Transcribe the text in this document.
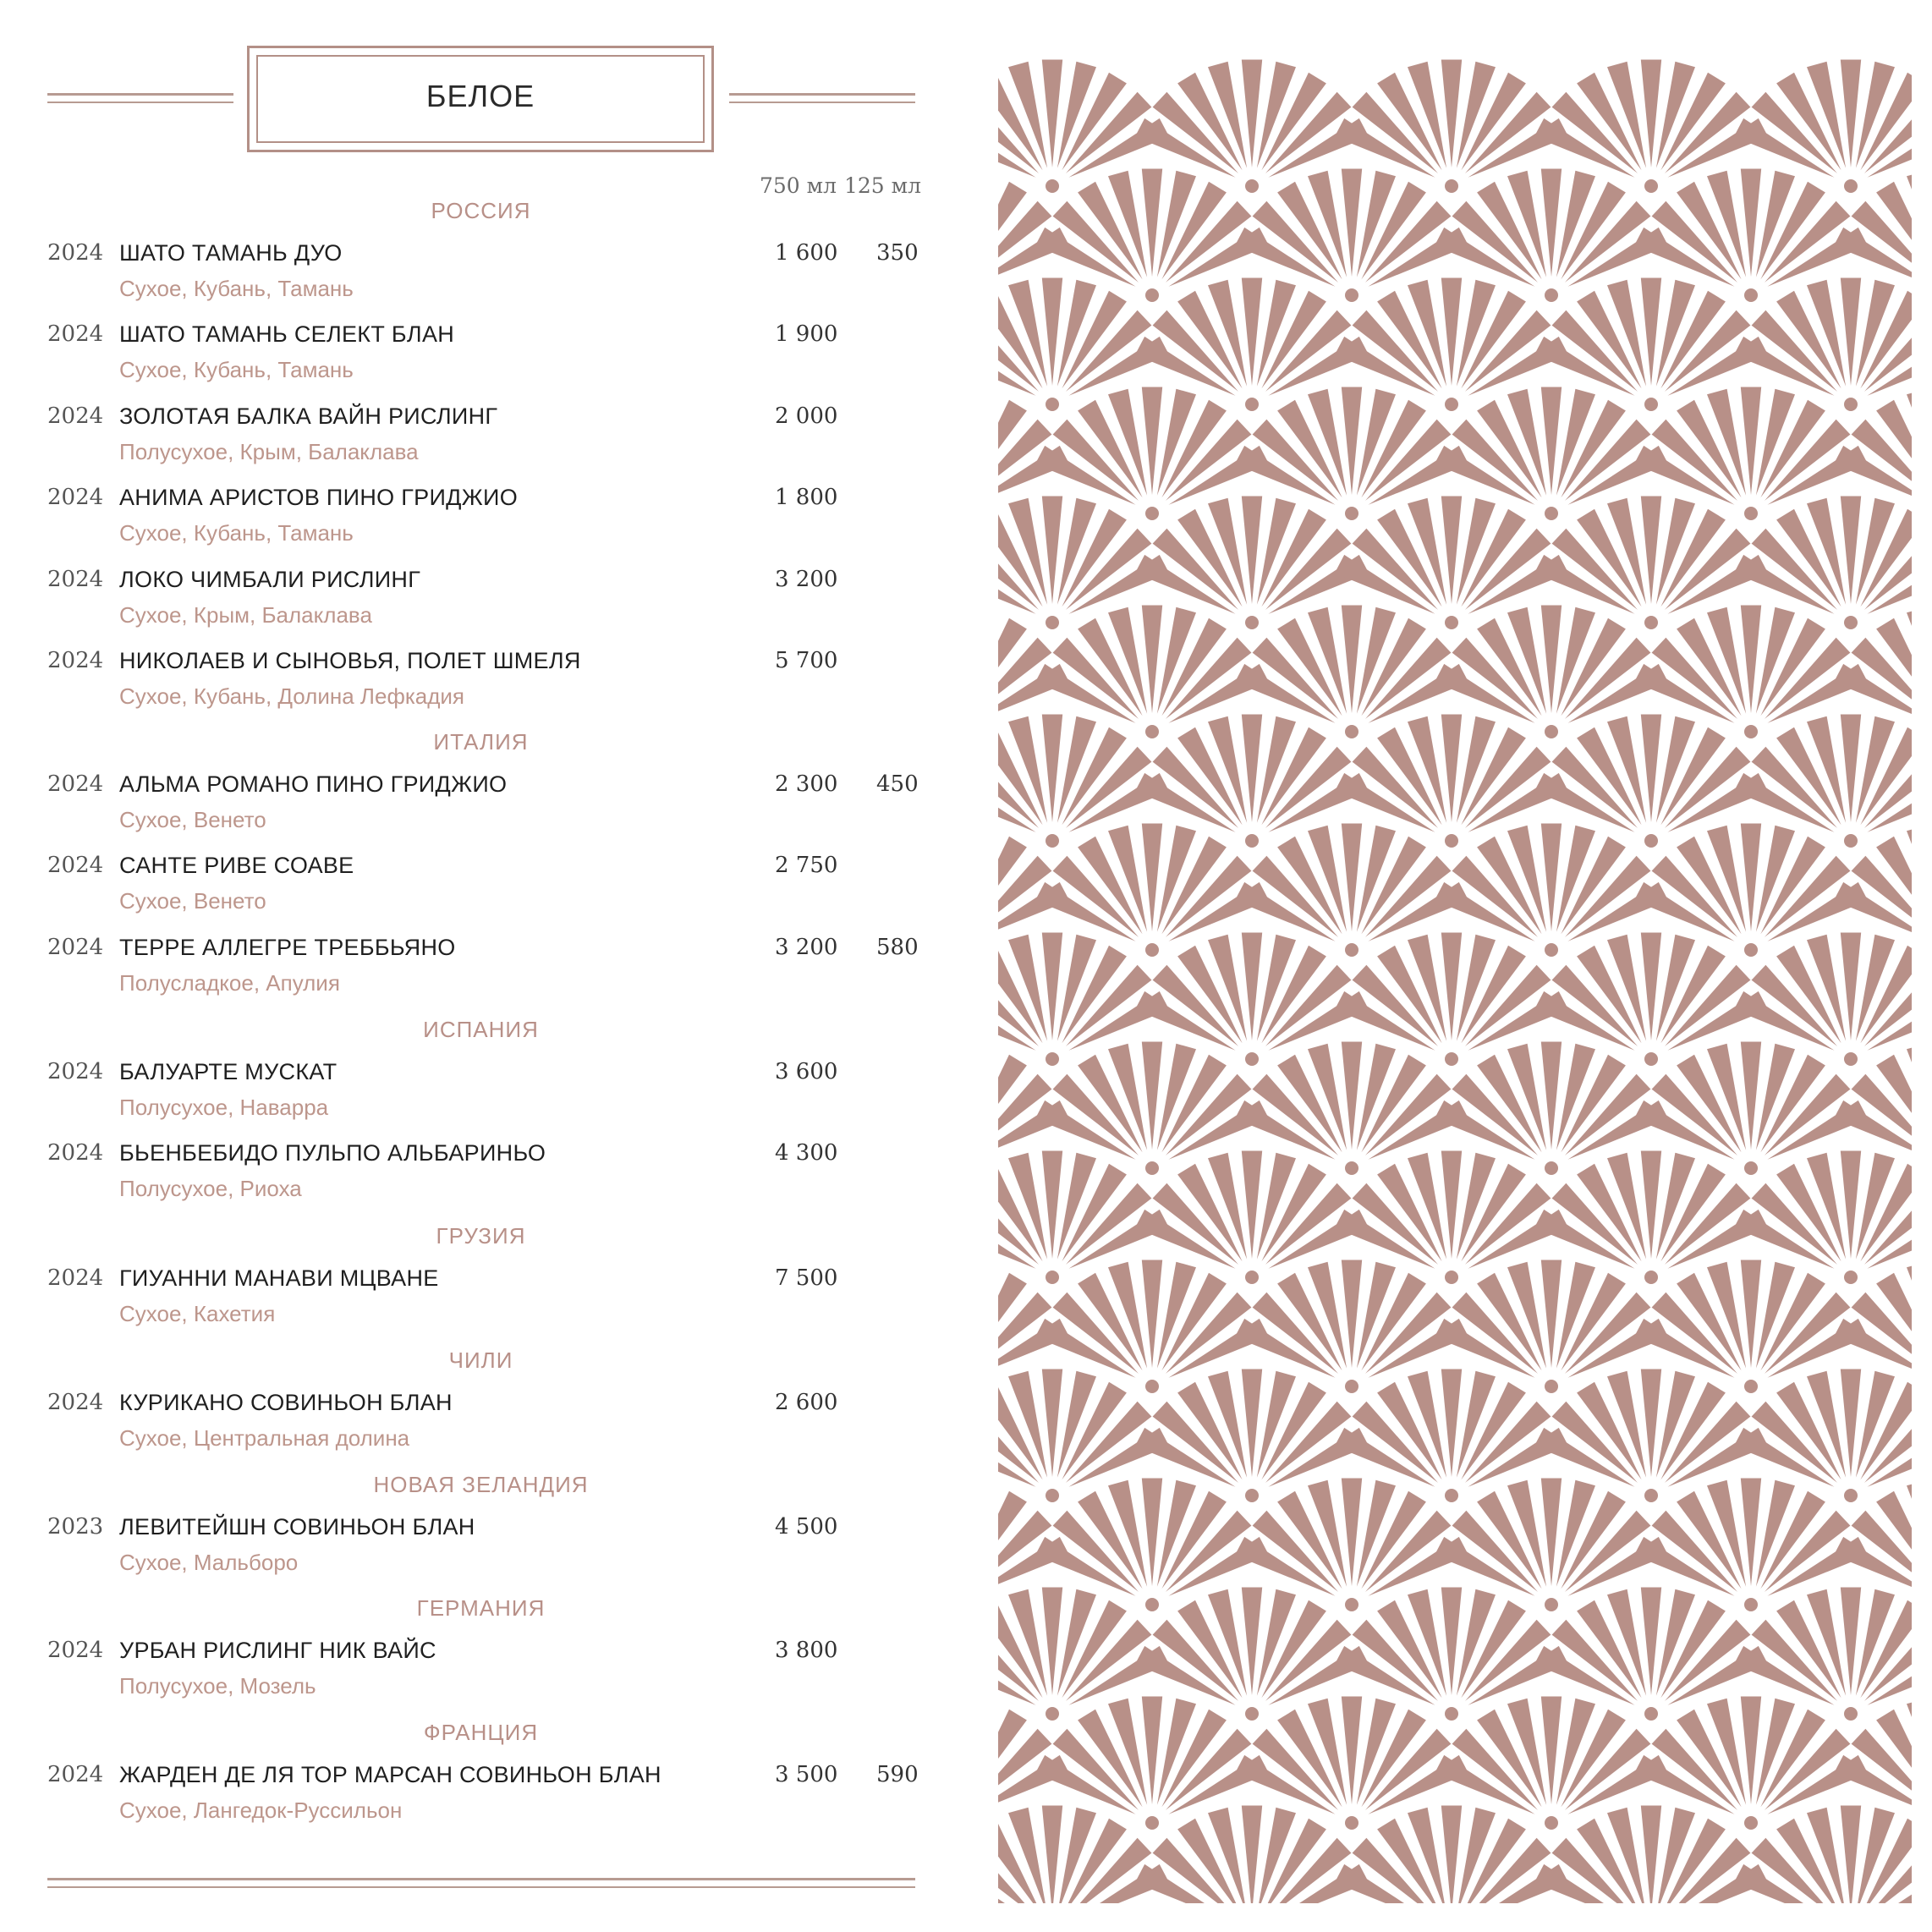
БЕЛОЕ
750 мл 125 мл
РОССИЯ
2024 ШАТО ТАМАНЬ ДУО
Сухое, Кубань, Тамань
1 600 350
2024 ШАТО ТАМАНЬ СЕЛЕКТ БЛАН
Сухое, Кубань, Тамань
1 900
2024 ЗОЛОТАЯ БАЛКА ВАЙН РИСЛИНГ
Полусухое, Крым, Балаклава
2 000
2024 АНИМА АРИСТОВ ПИНО ГРИДЖИО
Сухое, Кубань, Тамань
1 800
2024 ЛОКО ЧИМБАЛИ РИСЛИНГ
Сухое, Крым, Балаклава
3 200
2024 НИКОЛАЕВ И СЫНОВЬЯ, ПОЛЕТ ШМЕЛЯ
Сухое, Кубань, Долина Лефкадия
5 700
ИТАЛИЯ
2024 АЛЬМА РОМАНО ПИНО ГРИДЖИО
Сухое, Венето
2 300 450
2024 САНТЕ РИВЕ СОАВЕ
Сухое, Венето
2 750
2024 ТЕРРЕ АЛЛЕГРЕ ТРЕББЬЯНО
Полусладкое, Апулия
3 200 580
ИСПАНИЯ
2024 БАЛУАРТЕ МУСКАТ
Полусухое, Наварра
3 600
2024 БЬЕНБЕБИДО ПУЛЬПО АЛЬБАРИНЬО
Полусухое, Риоха
4 300
ГРУЗИЯ
2024 ГИУАННИ МАНАВИ МЦВАНЕ
Сухое, Кахетия
7 500
ЧИЛИ
2024 КУРИКАНО СОВИНЬОН БЛАН
Сухое, Центральная долина
2 600
НОВАЯ ЗЕЛАНДИЯ
2023 ЛЕВИТЕЙШН СОВИНЬОН БЛАН
Сухое, Мальборо
4 500
ГЕРМАНИЯ
2024 УРБАН РИСЛИНГ НИК ВАЙС
Полусухое, Мозель
3 800
ФРАНЦИЯ
2024 ЖАРДЕН ДЕ ЛЯ ТОР МАРСАН СОВИНЬОН БЛАН
Сухое, Лангедок-Руссильон
3 500 590
